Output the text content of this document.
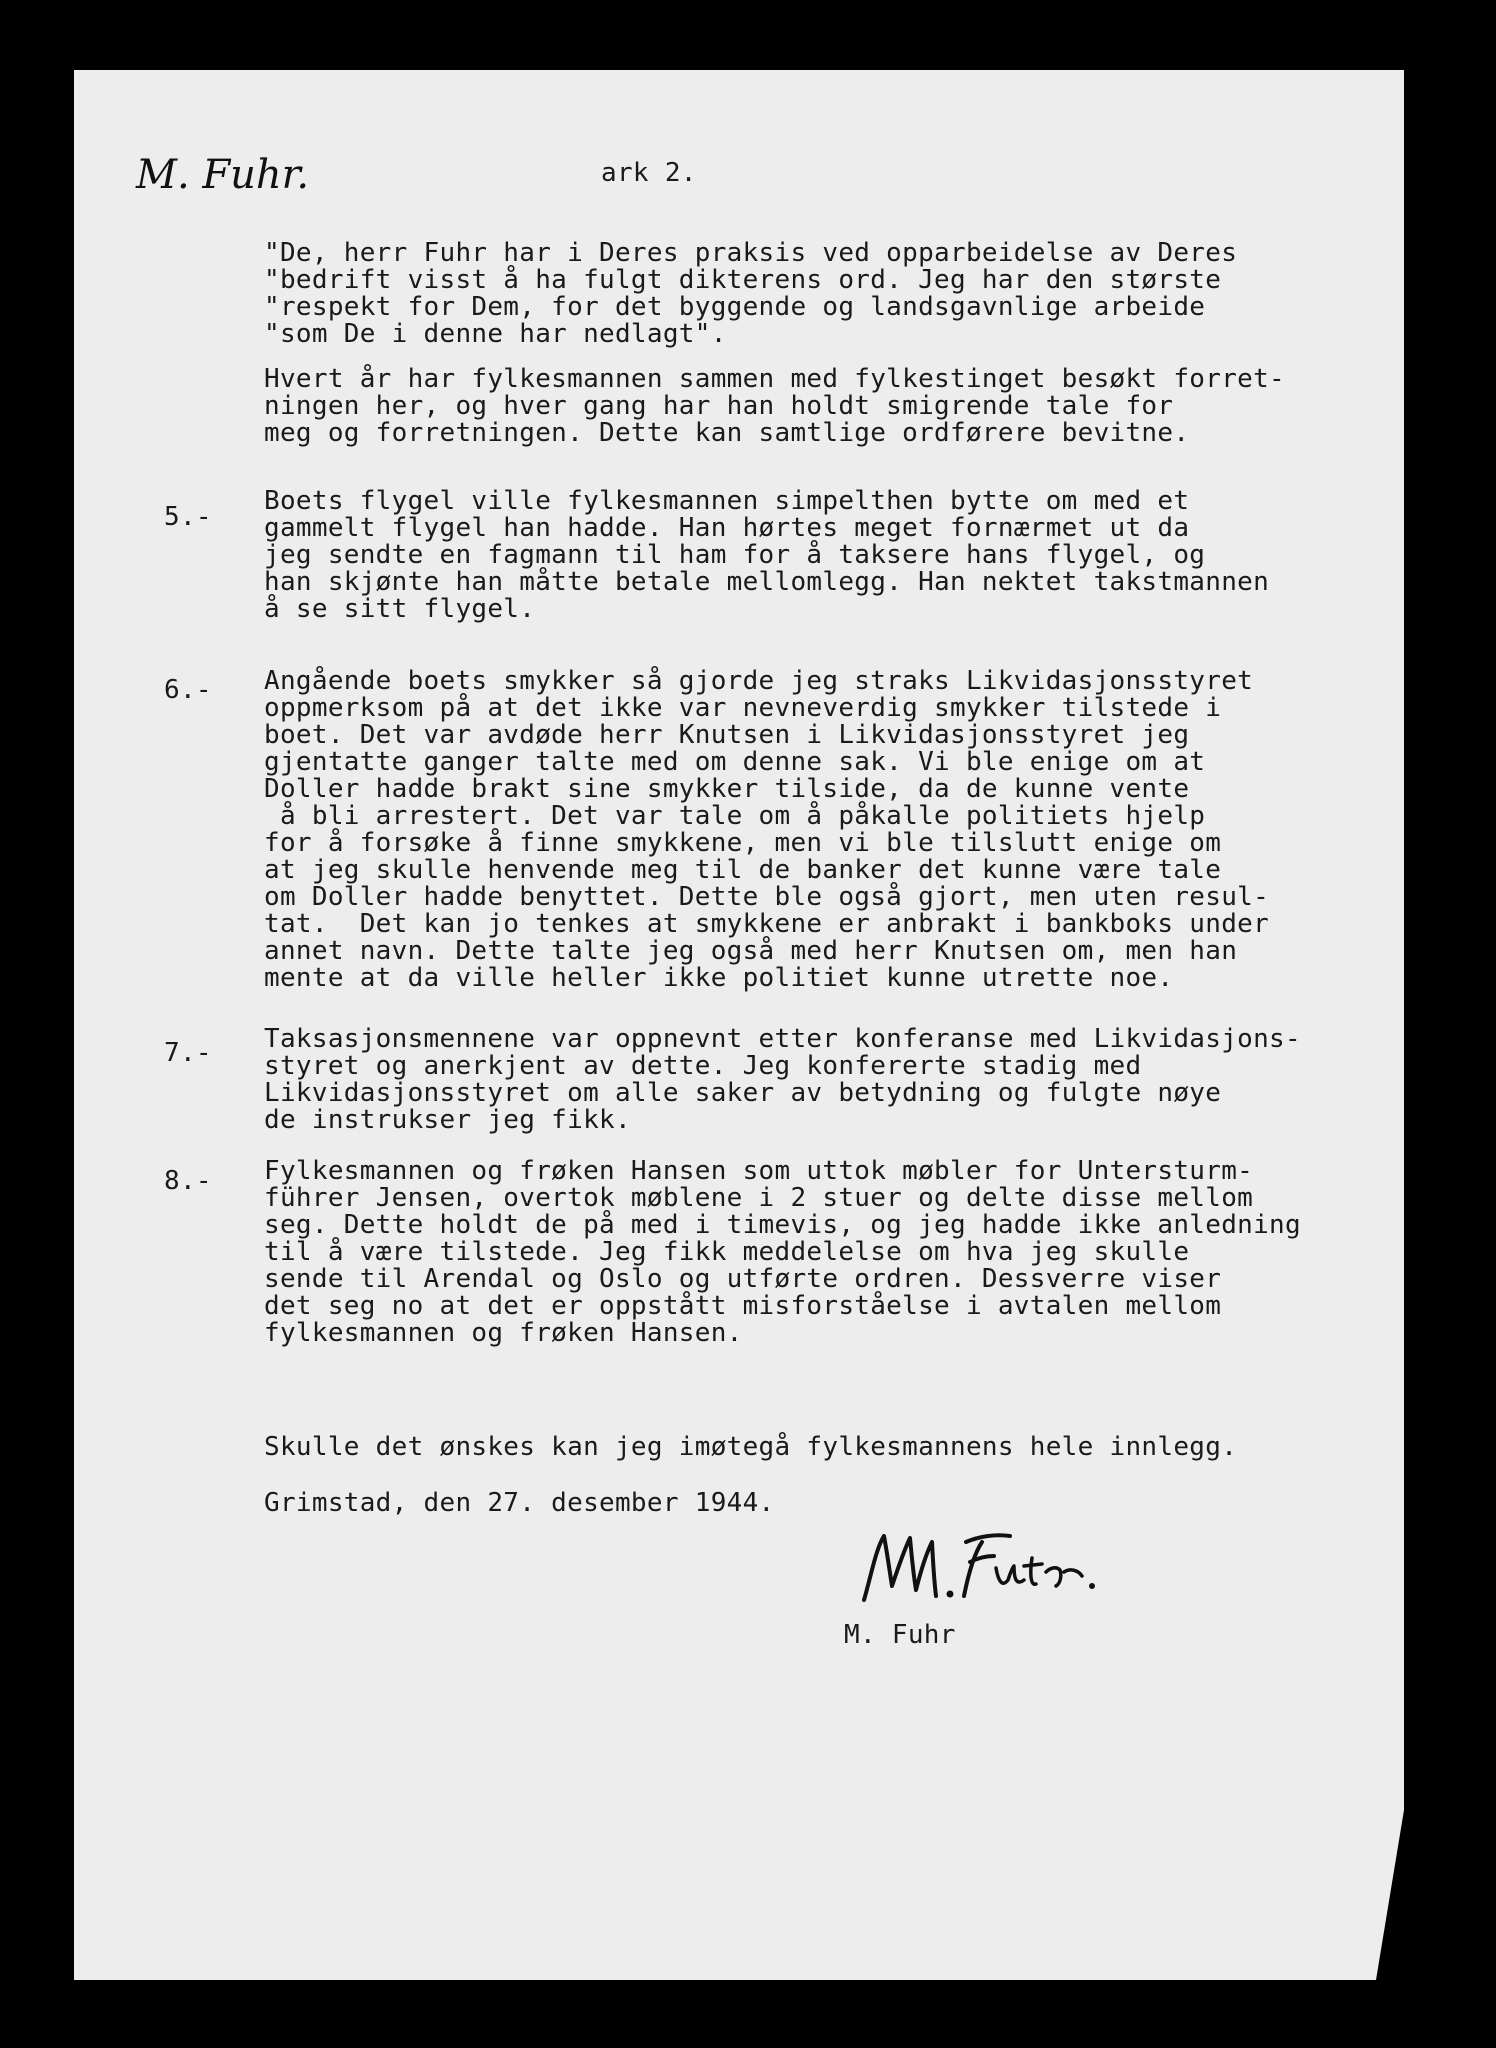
M. Fuhr.	ark 2.

"De, herr Fuhr har i Deres praksis ved opparbeidelse av Deres

"bedrift visst å ha fulgt dikterens ord. Jeg har den største

"respekt for Dem, for det byggende og landsgavnlige arbeide

"som De i denne har nedlagt".

Hvert år har fylkesmannen sammen med fylkestinget besøkt forret-

ningen her, og hver gang har han holdt smigrende tale for

meg og forretningen. Dette kan samtlige ordførere bevitne.

5.-

Boets flygel ville fylkesmannen simpelthen bytte om med et

gammelt flygel han hadde. Han hørtes meget fornærmet ut da

jeg sendte en fagmann til ham for å taksere hans flygel, og

han skjønte han måtte betale mellomlegg. Han nektet takstmannen

å se sitt flygel.

6.-

Angående boets smykker så gjorde jeg straks Likvidasjonsstyret

oppmerksom på at det ikke var nevneverdig smykker tilstede i

boet. Det var avdøde herr Knutsen i Likvidasjonsstyret jeg

gjentatte ganger talte med om denne sak. Vi ble enige om at

Doller hadde brakt sine smykker tilside, da de kunne vente

å bli arrestert. Det var tale om å påkalle politiets hjelp

for å forsøke å finne smykkene, men vi ble tilslutt enige om

at jeg skulle henvende meg til de banker det kunne være tale

om Doller hadde benyttet. Dette ble også gjort, men uten resul-

tat.  Det kan jo tenkes at smykkene er anbrakt i bankboks under

annet navn. Dette talte jeg også med herr Knutsen om, men han

mente at da ville heller ikke politiet kunne utrette noe.

7.-

Taksasjonsmennene var oppnevnt etter konferanse med Likvidasjons-

styret og anerkjent av dette. Jeg konfererte stadig med

Likvidasjonsstyret om alle saker av betydning og fulgte nøye

de instrukser jeg fikk.

8.-

Fylkesmannen og frøken Hansen som uttok møbler for Untersturm-

führer Jensen, overtok møblene i 2 stuer og delte disse mellom

seg. Dette holdt de på med i timevis, og jeg hadde ikke anledning

til å være tilstede. Jeg fikk meddelelse om hva jeg skulle

sende til Arendal og Oslo og utførte ordren. Dessverre viser

det seg no at det er oppstått misforståelse i avtalen mellom

fylkesmannen og frøken Hansen.

Skulle det ønskes kan jeg imøtegå fylkesmannens hele innlegg.
Grimstad, den 27. desember 1944.
M. Fuhr
